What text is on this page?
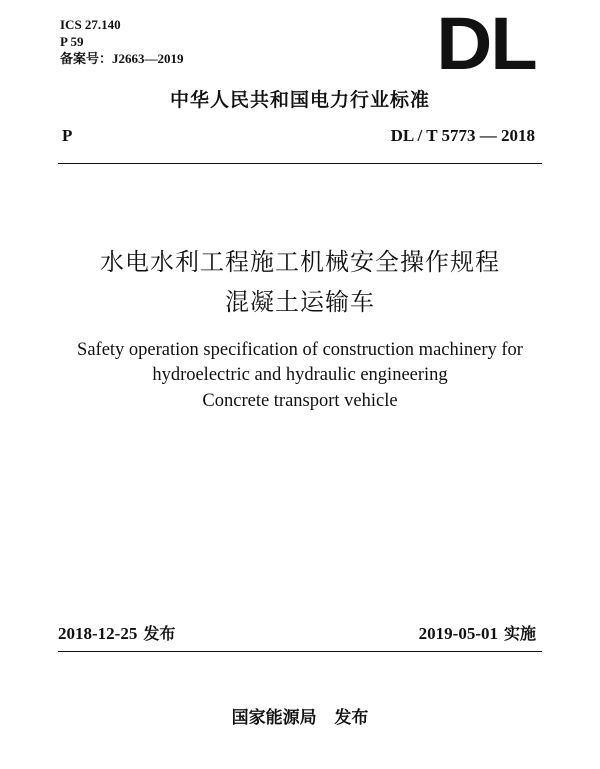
ICS 27.140
P 59
备案号：J2663—2019	DL
中华人民共和国电力行业标准
P	DL / T 5773 — 2018
水电水利工程施工机械安全操作规程
混凝土运输车
Safety operation specification of construction machinery for
hydroelectric and hydraulic engineering
Concrete transport vehicle
2018-12-25 发布	2019-05-01 实施
国家能源局   发布
